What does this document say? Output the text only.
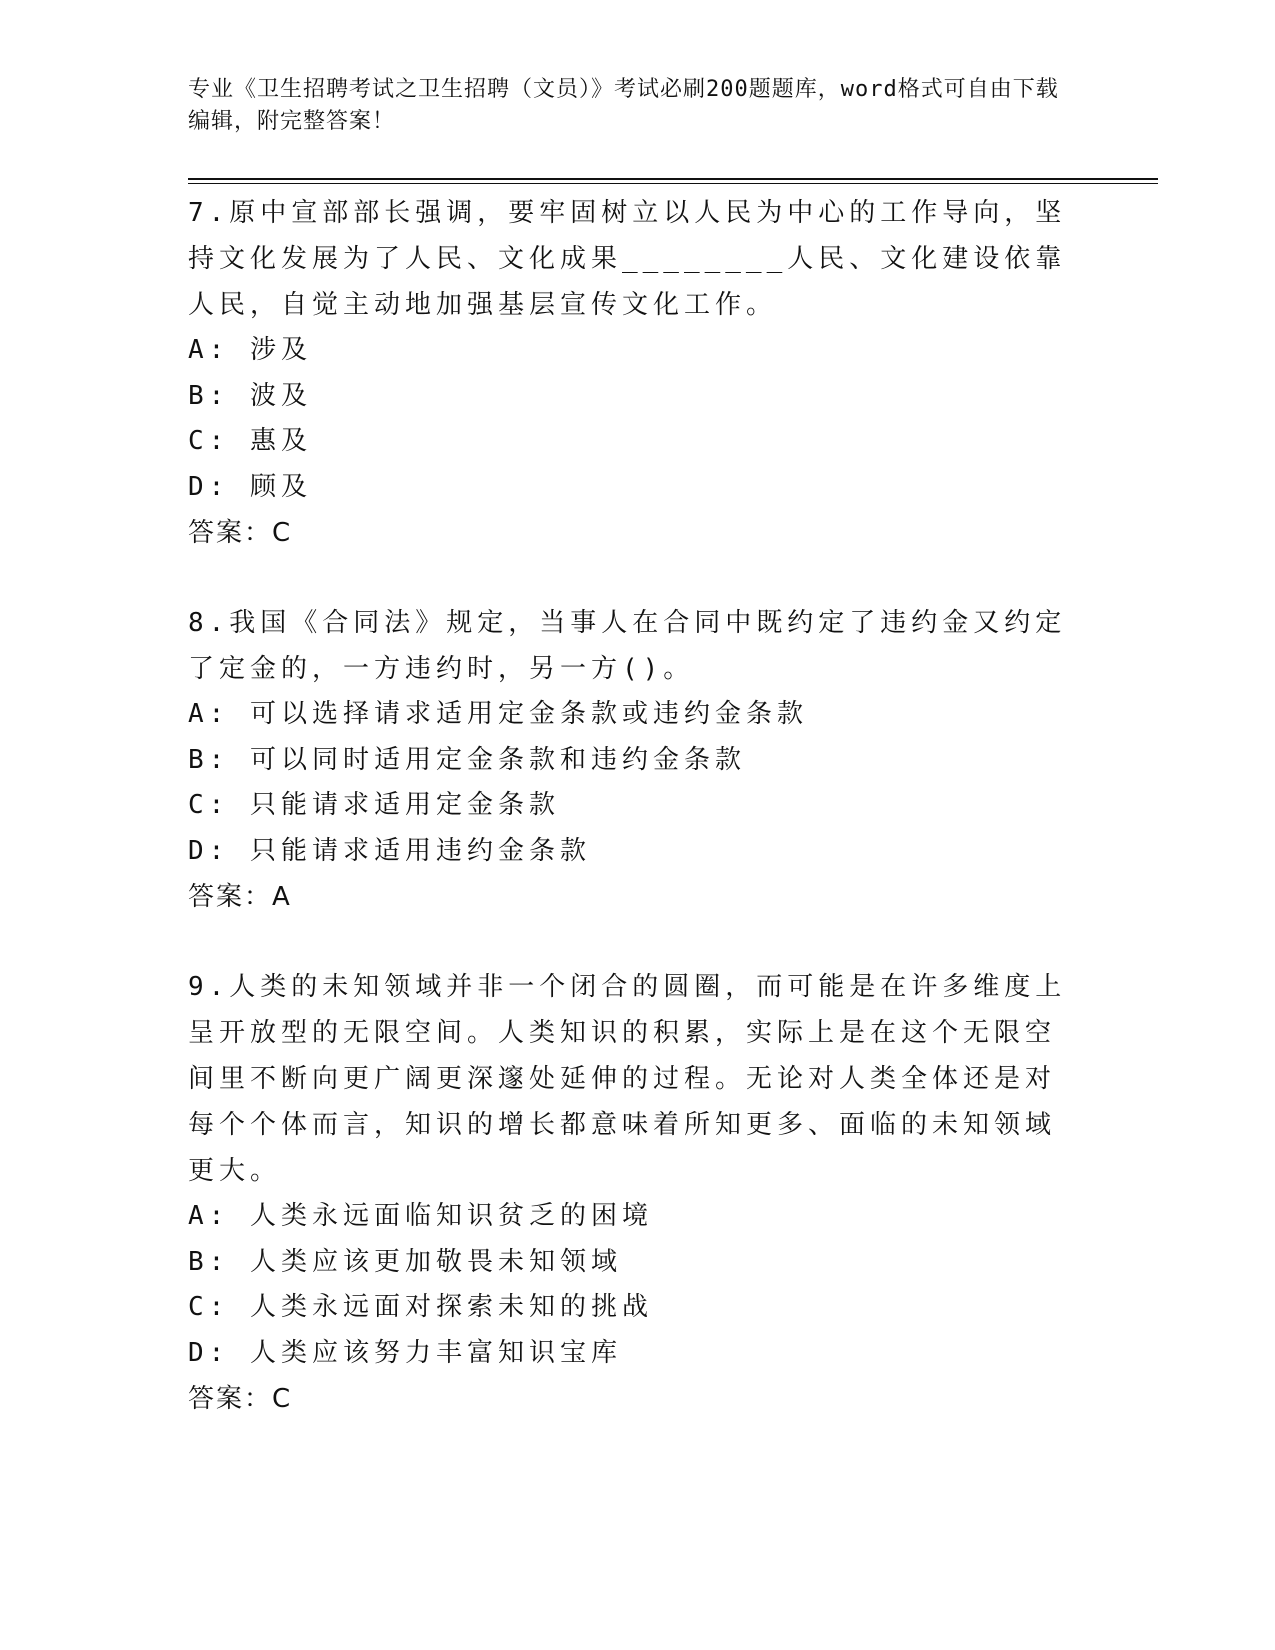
专业《卫生招聘考试之卫生招聘（文员）》考试必刷200题题库，word格式可自由下载编辑，附完整答案！
7.原中宣部部长强调，要牢固树立以人民为中心的工作导向，坚持文化发展为了人民、文化成果________人民、文化建设依靠人民，自觉主动地加强基层宣传文化工作。
A: 涉及
B: 波及
C: 惠及
D: 顾及
答案：C
8.我国《合同法》规定，当事人在合同中既约定了违约金又约定了定金的，一方违约时，另一方()。
A: 可以选择请求适用定金条款或违约金条款
B: 可以同时适用定金条款和违约金条款
C: 只能请求适用定金条款
D: 只能请求适用违约金条款
答案：A
9.人类的未知领域并非一个闭合的圆圈，而可能是在许多维度上呈开放型的无限空间。人类知识的积累，实际上是在这个无限空间里不断向更广阔更深邃处延伸的过程。无论对人类全体还是对每个个体而言，知识的增长都意味着所知更多、面临的未知领域更大。
A: 人类永远面临知识贫乏的困境
B: 人类应该更加敬畏未知领域
C: 人类永远面对探索未知的挑战
D: 人类应该努力丰富知识宝库
答案：C
